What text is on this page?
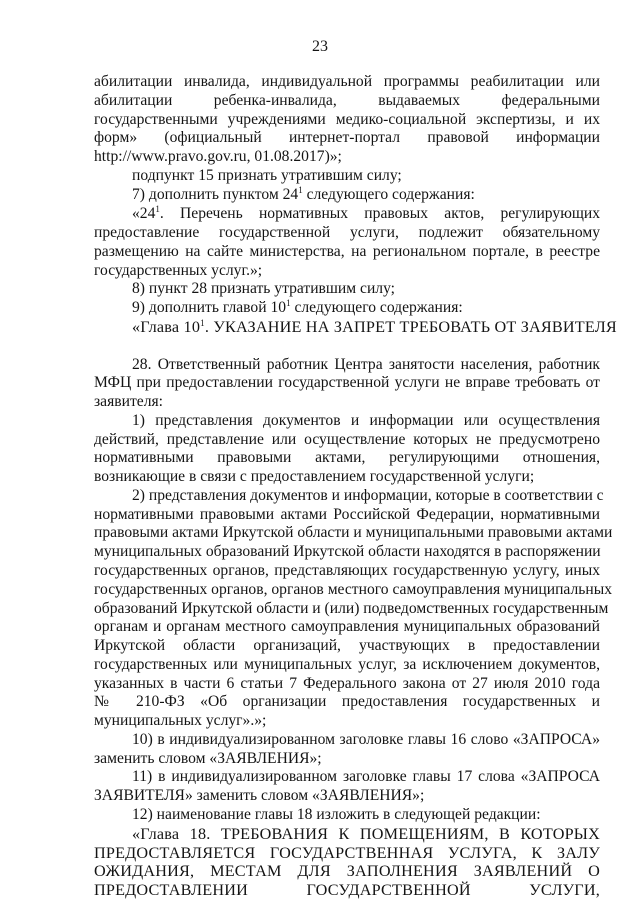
23
абилитации инвалида, индивидуальной программы реабилитации или
абилитации ребенка-инвалида, выдаваемых федеральными
государственными учреждениями медико-социальной экспертизы, и их
форм» (официальный интернет-портал правовой информации
http://www.pravo.gov.ru, 01.08.2017)»;
подпункт 15 признать утратившим силу;
7) дополнить пунктом $24^1$ следующего содержания:
«$24^1$. Перечень нормативных правовых актов, регулирующих
предоставление государственной услуги, подлежит обязательному
размещению на сайте министерства, на региональном портале, в реестре
государственных услуг.»;
8) пункт 28 признать утратившим силу;
9) дополнить главой $10^1$ следующего содержания:
«Глава $10^1$. УКАЗАНИЕ НА ЗАПРЕТ ТРЕБОВАТЬ ОТ ЗАЯВИТЕЛЯ
28. Ответственный работник Центра занятости населения, работник
МФЦ при предоставлении государственной услуги не вправе требовать от
заявителя:
1) представления документов и информации или осуществления
действий, представление или осуществление которых не предусмотрено
нормативными правовыми актами, регулирующими отношения,
возникающие в связи с предоставлением государственной услуги;
2) представления документов и информации, которые в соответствии с
нормативными правовыми актами Российской Федерации, нормативными
правовыми актами Иркутской области и муниципальными правовыми актами
муниципальных образований Иркутской области находятся в распоряжении
государственных органов, представляющих государственную услугу, иных
государственных органов, органов местного самоуправления муниципальных
образований Иркутской области и (или) подведомственных государственным
органам и органам местного самоуправления муниципальных образований
Иркутской области организаций, участвующих в предоставлении
государственных или муниципальных услуг, за исключением документов,
указанных в части 6 статьи 7 Федерального закона от 27 июля 2010 года
№ 210-ФЗ «Об организации предоставления государственных и
муниципальных услуг».»;
10) в индивидуализированном заголовке главы 16 слово «ЗАПРОСА»
заменить словом «ЗАЯВЛЕНИЯ»;
11) в индивидуализированном заголовке главы 17 слова «ЗАПРОСА
ЗАЯВИТЕЛЯ» заменить словом «ЗАЯВЛЕНИЯ»;
12) наименование главы 18 изложить в следующей редакции:
«Глава 18. ТРЕБОВАНИЯ К ПОМЕЩЕНИЯМ, В КОТОРЫХ
ПРЕДОСТАВЛЯЕТСЯ ГОСУДАРСТВЕННАЯ УСЛУГА, К ЗАЛУ
ОЖИДАНИЯ, МЕСТАМ ДЛЯ ЗАПОЛНЕНИЯ ЗАЯВЛЕНИЙ О
ПРЕДОСТАВЛЕНИИ ГОСУДАРСТВЕННОЙ УСЛУГИ,
